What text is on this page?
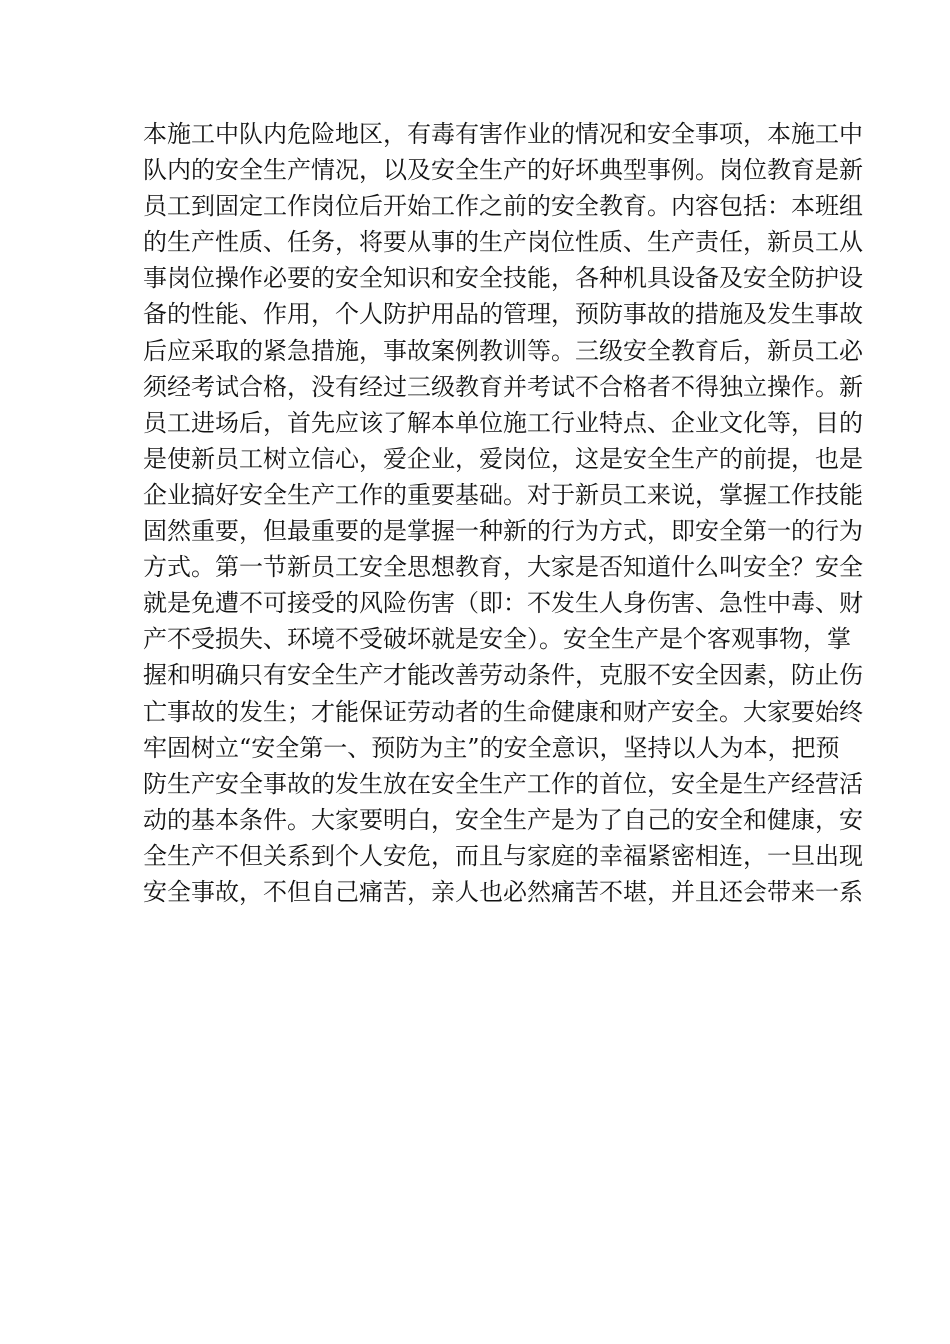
本施工中队内危险地区，有毒有害作业的情况和安全事项，本施工中
队内的安全生产情况，以及安全生产的好坏典型事例。岗位教育是新
员工到固定工作岗位后开始工作之前的安全教育。内容包括：本班组
的生产性质、任务，将要从事的生产岗位性质、生产责任，新员工从
事岗位操作必要的安全知识和安全技能，各种机具设备及安全防护设
备的性能、作用，个人防护用品的管理，预防事故的措施及发生事故
后应采取的紧急措施，事故案例教训等。三级安全教育后，新员工必
须经考试合格，没有经过三级教育并考试不合格者不得独立操作。新
员工进场后，首先应该了解本单位施工行业特点、企业文化等，目的
是使新员工树立信心，爱企业，爱岗位，这是安全生产的前提，也是
企业搞好安全生产工作的重要基础。对于新员工来说，掌握工作技能
固然重要，但最重要的是掌握一种新的行为方式，即安全第一的行为
方式。第一节新员工安全思想教育，大家是否知道什么叫安全？安全
就是免遭不可接受的风险伤害（即：不发生人身伤害、急性中毒、财
产不受损失、环境不受破坏就是安全）。安全生产是个客观事物，掌
握和明确只有安全生产才能改善劳动条件，克服不安全因素，防止伤
亡事故的发生；才能保证劳动者的生命健康和财产安全。大家要始终
牢固树立“安全第一、预防为主”的安全意识，坚持以人为本，把预
防生产安全事故的发生放在安全生产工作的首位，安全是生产经营活
动的基本条件。大家要明白，安全生产是为了自己的安全和健康，安
全生产不但关系到个人安危，而且与家庭的幸福紧密相连，一旦出现
安全事故，不但自己痛苦，亲人也必然痛苦不堪，并且还会带来一系
